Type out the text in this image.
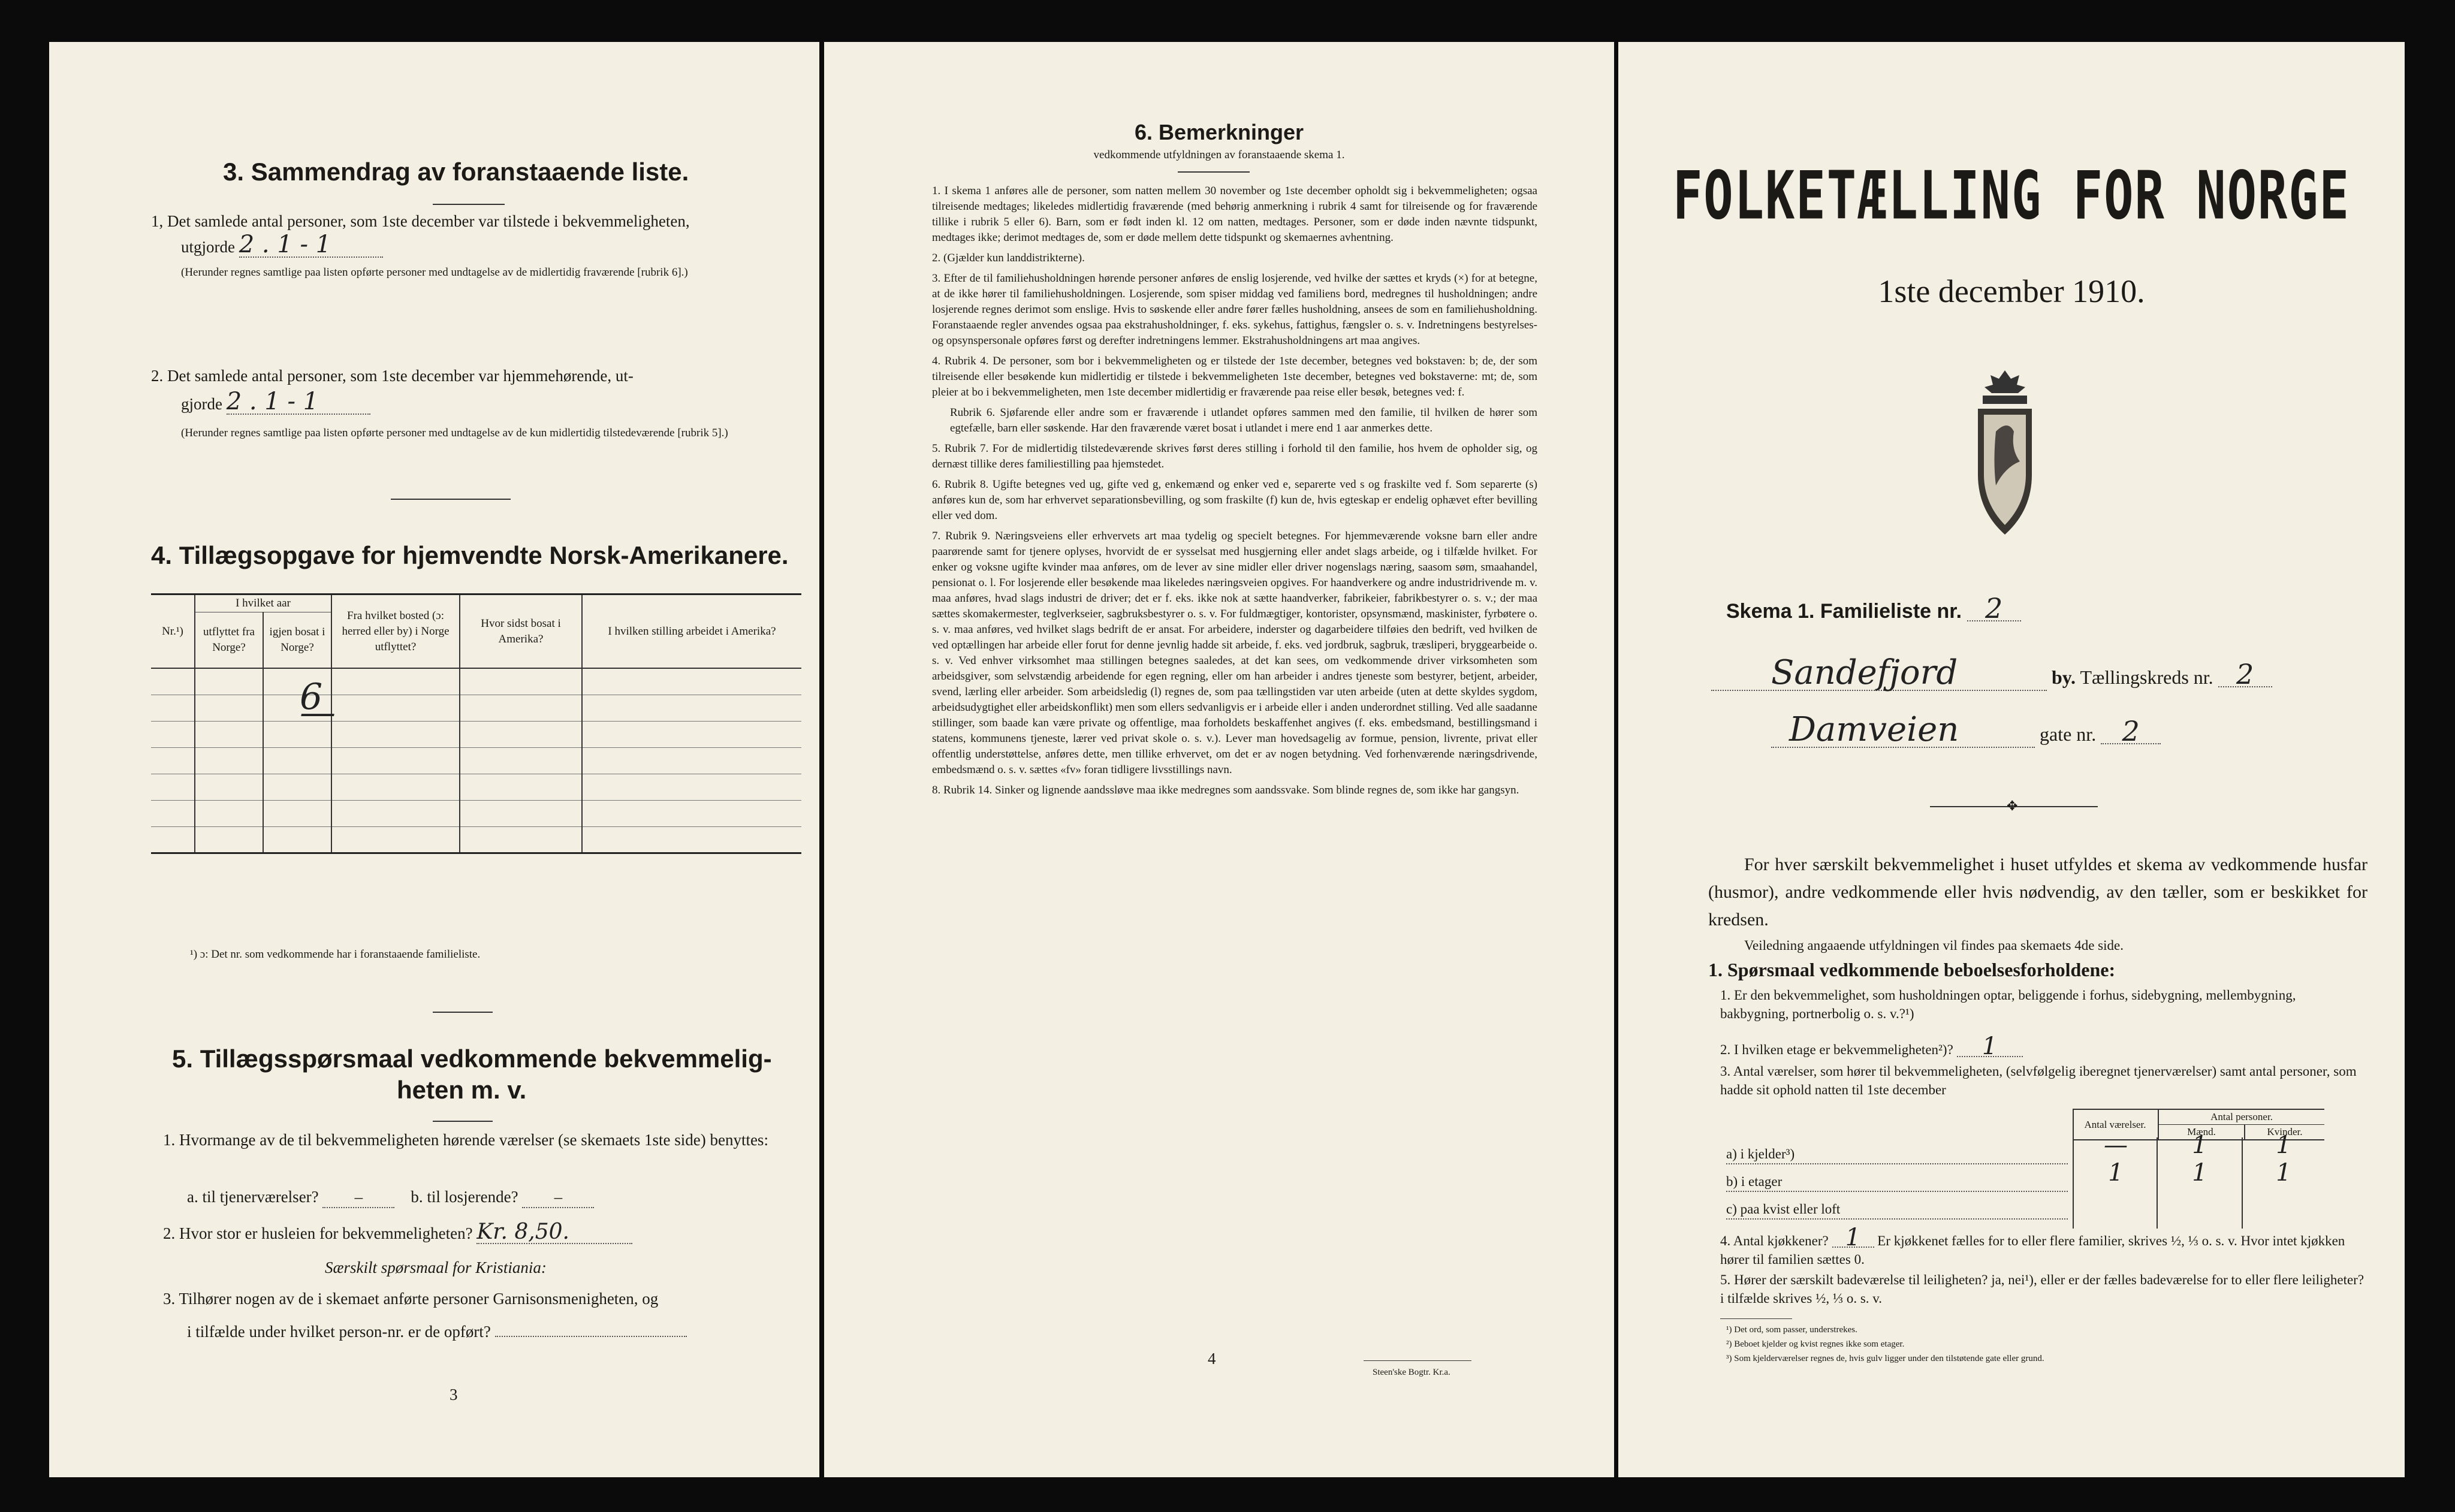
3. Sammendrag av foranstaaende liste.
1, Det samlede antal personer, som 1ste december var tilstede i bekvemmeligheten,
utgjorde 2 . 1 - 1
(Herunder regnes samtlige paa listen opførte personer med undtagelse av de midlertidig fraværende [rubrik 6].)
2. Det samlede antal personer, som 1ste december var hjemmehørende, ut-
gjorde 2 . 1 - 1
(Herunder regnes samtlige paa listen opførte personer med undtagelse av de kun midlertidig tilstedeværende [rubrik 5].)
4. Tillægsopgave for hjemvendte Norsk-Amerikanere.
Nr.¹)	I hvilket aar		Fra hvilket bosted (ɔ: herred eller by) i Norge utflyttet?	Hvor sidst bosat i Amerika?	I hvilken stilling arbeidet i Amerika?
	utflyttet fra Norge?	igjen bosat i Norge?			

		6 —			

¹) ɔ: Det nr. som vedkommende har i foranstaaende familieliste.
5. Tillægsspørsmaal vedkommende bekvemmelig-
heten m. v.
1. Hvormange av de til bekvemmeligheten hørende værelser (se skemaets 1ste side) benyttes:
a. til tjenerværelser? –	b. til losjerende? –
2. Hvor stor er husleien for bekvemmeligheten? Kr. 8,50.
Særskilt spørsmaal for Kristiania:
3. Tilhører nogen av de i skemaet anførte personer Garnisonsmenigheten, og
i tilfælde under hvilket person-nr. er de opført?
3
6. Bemerkninger
vedkommende utfyldningen av foranstaaende skema 1.

1. I skema 1 anføres alle de personer, som natten mellem 30 november og 1ste december opholdt sig i bekvemmeligheten; ogsaa tilreisende medtages; likeledes midlertidig fraværende (med behørig anmerkning i rubrik 4 samt for tilreisende og for fraværende tillike i rubrik 5 eller 6). Barn, som er født inden kl. 12 om natten, medtages. Personer, som er døde inden nævnte tidspunkt, medtages ikke; derimot medtages de, som er døde mellem dette tidspunkt og skemaernes avhentning.

2. (Gjælder kun landdistrikterne).

3. Efter de til familiehusholdningen hørende personer anføres de enslig losjerende, ved hvilke der sættes et kryds (×) for at betegne, at de ikke hører til familiehusholdningen. Losjerende, som spiser middag ved familiens bord, medregnes til husholdningen; andre losjerende regnes derimot som enslige. Hvis to søskende eller andre fører fælles husholdning, ansees de som en familiehusholdning. Foranstaaende regler anvendes ogsaa paa ekstrahusholdninger, f. eks. sykehus, fattighus, fængsler o. s. v. Indretningens bestyrelses- og opsynspersonale opføres først og derefter indretningens lemmer. Ekstrahusholdningens art maa angives.

4. Rubrik 4. De personer, som bor i bekvemmeligheten og er tilstede der 1ste december, betegnes ved bokstaven: b; de, der som tilreisende eller besøkende kun midlertidig er tilstede i bekvemmeligheten 1ste december, betegnes ved bokstaverne: mt; de, som pleier at bo i bekvemmeligheten, men 1ste december midlertidig er fraværende paa reise eller besøk, betegnes ved: f.

Rubrik 6. Sjøfarende eller andre som er fraværende i utlandet opføres sammen med den familie, til hvilken de hører som egtefælle, barn eller søskende. Har den fraværende været bosat i utlandet i mere end 1 aar anmerkes dette.

5. Rubrik 7. For de midlertidig tilstedeværende skrives først deres stilling i forhold til den familie, hos hvem de opholder sig, og dernæst tillike deres familiestilling paa hjemstedet.

6. Rubrik 8. Ugifte betegnes ved ug, gifte ved g, enkemænd og enker ved e, separerte ved s og fraskilte ved f. Som separerte (s) anføres kun de, som har erhvervet separationsbevilling, og som fraskilte (f) kun de, hvis egteskap er endelig ophævet efter bevilling eller ved dom.

7. Rubrik 9. Næringsveiens eller erhvervets art maa tydelig og specielt betegnes. For hjemmeværende voksne barn eller andre paarørende samt for tjenere oplyses, hvorvidt de er sysselsat med husgjerning eller andet slags arbeide, og i tilfælde hvilket. For enker og voksne ugifte kvinder maa anføres, om de lever av sine midler eller driver nogenslags næring, saasom søm, smaahandel, pensionat o. l. For losjerende eller besøkende maa likeledes næringsveien opgives. For haandverkere og andre industridrivende m. v. maa anføres, hvad slags industri de driver; det er f. eks. ikke nok at sætte haandverker, fabrikeier, fabrikbestyrer o. s. v.; der maa sættes skomakermester, teglverkseier, sagbruksbestyrer o. s. v. For fuldmægtiger, kontorister, opsynsmænd, maskinister, fyrbøtere o. s. v. maa anføres, ved hvilket slags bedrift de er ansat. For arbeidere, inderster og dagarbeidere tilføies den bedrift, ved hvilken de ved optællingen har arbeide eller forut for denne jevnlig hadde sit arbeide, f. eks. ved jordbruk, sagbruk, træsliperi, bryggearbeide o. s. v. Ved enhver virksomhet maa stillingen betegnes saaledes, at det kan sees, om vedkommende driver virksomheten som arbeidsgiver, som selvstændig arbeidende for egen regning, eller om han arbeider i andres tjeneste som bestyrer, betjent, arbeider, svend, lærling eller arbeider. Som arbeidsledig (l) regnes de, som paa tællingstiden var uten arbeide (uten at dette skyldes sygdom, arbeidsudygtighet eller arbeidskonflikt) men som ellers sedvanligvis er i arbeide eller i anden underordnet stilling. Ved alle saadanne stillinger, som baade kan være private og offentlige, maa forholdets beskaffenhet angives (f. eks. embedsmand, bestillingsmand i statens, kommunens tjeneste, lærer ved privat skole o. s. v.). Lever man hovedsagelig av formue, pension, livrente, privat eller offentlig understøttelse, anføres dette, men tillike erhvervet, om det er av nogen betydning. Ved forhenværende næringsdrivende, embedsmænd o. s. v. sættes «fv» foran tidligere livsstillings navn.

8. Rubrik 14. Sinker og lignende aandssløve maa ikke medregnes som aandssvake. Som blinde regnes de, som ikke har gangsyn.

4
Steen'ske Bogtr. Kr.a.
FOLKETÆLLING FOR NORGE
1ste december 1910.
Skema 1. Familieliste nr. 2
Sandefjord	by. Tællingskreds nr. 2
Damveien	gate nr. 2
✥
For hver særskilt bekvemmelighet i huset utfyldes et skema av vedkommende husfar (husmor), andre vedkommende eller hvis nødvendig, av den tæller, som er beskikket for kredsen.
Veiledning angaaende utfyldningen vil findes paa skemaets 4de side.
1. Spørsmaal vedkommende beboelsesforholdene:
1. Er den bekvemmelighet, som husholdningen optar, beliggende i forhus, sidebygning, mellembygning, bakbygning, portnerbolig o. s. v.?¹)
2. I hvilken etage er bekvemmeligheten²)? 1
3. Antal værelser, som hører til bekvemmeligheten, (selvfølgelig iberegnet tjenerværelser) samt antal personer, som hadde sit ophold natten til 1ste december
Antal værelser.	Antal personer.	
	Mænd.	Kvinder.
a) i kjelder³)	—	1	1
b) i etager	1	1	1
c) paa kvist eller loft
4. Antal kjøkkener? 1 Er kjøkkenet fælles for to eller flere familier, skrives ½, ⅓ o. s. v. Hvor intet kjøkken hører til familien sættes 0.
5. Hører der særskilt badeværelse til leiligheten? ja, nei¹), eller er der fælles badeværelse for to eller flere leiligheter? i tilfælde skrives ½, ⅓ o. s. v.
¹) Det ord, som passer, understrekes.
²) Beboet kjelder og kvist regnes ikke som etager.
³) Som kjelderværelser regnes de, hvis gulv ligger under den tilstøtende gate eller grund.
